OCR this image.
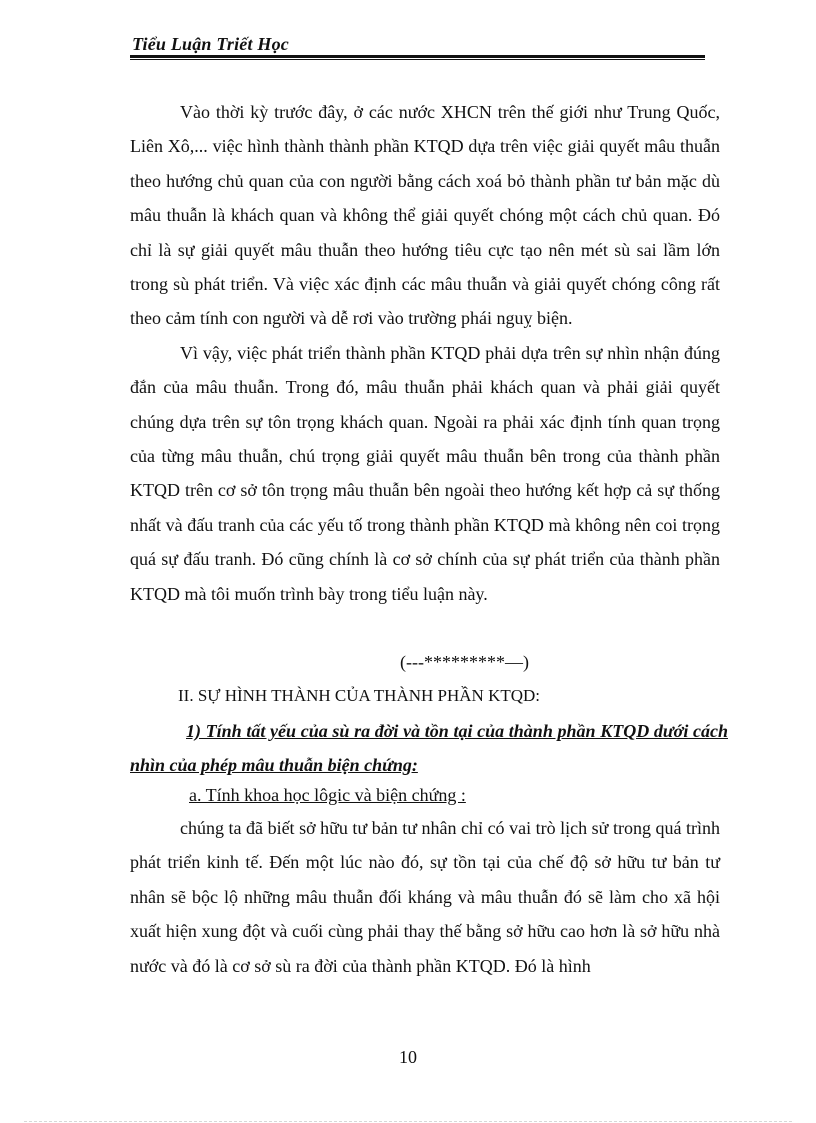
Tiểu Luận Triết Học

Vào thời kỳ trước đây, ở các nước XHCN trên thế giới như Trung Quốc, Liên Xô,... việc hình thành thành phần KTQD dựa trên việc giải quyết mâu thuẫn theo hướng chủ quan của con người bằng cách xoá bỏ thành phần tư bản mặc dù mâu thuẫn là khách quan và không thể giải quyết chóng một cách chủ quan. Đó chỉ là sự giải quyết mâu thuẫn theo hướng tiêu cực tạo nên mét sù sai lầm lớn trong sù phát triển. Và việc xác định các mâu thuẫn và giải quyết chóng công rất theo cảm tính con người và dễ rơi vào trường phái nguỵ biện.

Vì vậy, việc phát triển thành phần KTQD phải dựa trên sự nhìn nhận đúng đắn của mâu thuẫn. Trong đó, mâu thuẫn phải khách quan và phải giải quyết chúng dựa trên sự tôn trọng khách quan. Ngoài ra phải xác định tính quan trọng của từng mâu thuẫn, chú trọng giải quyết mâu thuẫn bên trong của thành phần KTQD trên cơ sở tôn trọng mâu thuẫn bên ngoài theo hướng kết hợp cả sự thống nhất và đấu tranh của các yếu tố trong thành phần KTQD mà không nên coi trọng quá sự đấu tranh. Đó cũng chính là cơ sở chính của sự phát triển của thành phần KTQD mà tôi muốn trình bày trong tiểu luận này.

(---*********—)
II. SỰ HÌNH THÀNH CỦA THÀNH PHẦN KTQD:
1) Tính tất yếu của sù ra đời và tồn tại của thành phần KTQD dưới cách nhìn của phép mâu thuẫn biện chứng:
a. Tính khoa học lôgic và biện chứng :

chúng ta đã biết sở hữu tư bản tư nhân chỉ có vai trò lịch sử trong quá trình phát triển kinh tế. Đến một lúc nào đó, sự tồn tại của chế độ sở hữu tư bản tư nhân sẽ bộc lộ những mâu thuẫn đối kháng và mâu thuẫn đó sẽ làm cho xã hội xuất hiện xung đột và cuối cùng phải thay thế bằng sở hữu cao hơn là sở hữu nhà nước và đó là cơ sở sù ra đời của thành phần KTQD. Đó là hình

10
